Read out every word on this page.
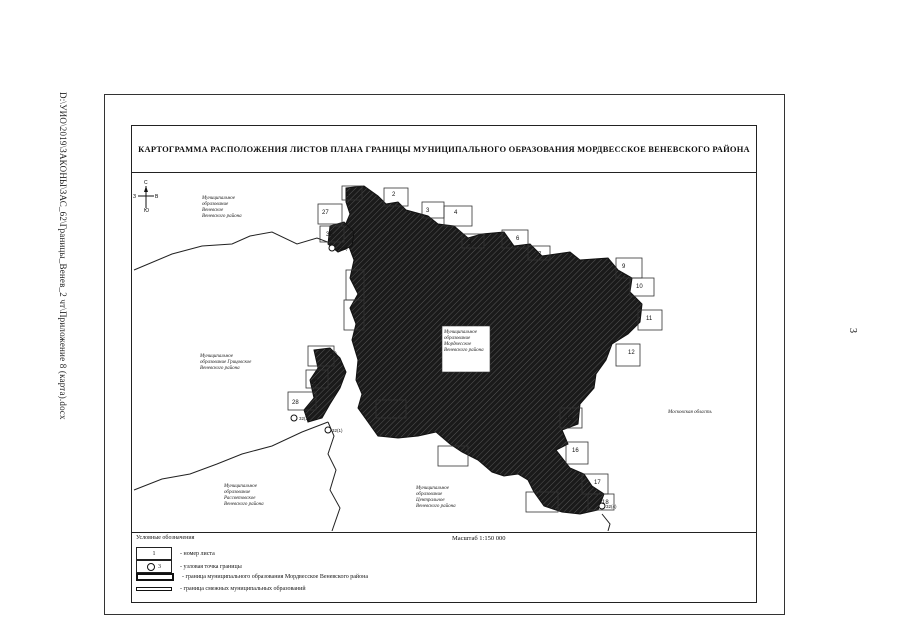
D:\УИО\2019\ЗАКОНЫ\ЗАС_62\Границы_Венев_2 чт\Приложение 8 (карта).docx	3
КАРТОГРАММА РАСПОЛОЖЕНИЯ ЛИСТОВ ПЛАНА ГРАНИЦЫ МУНИЦИПАЛЬНОГО ОБРАЗОВАНИЯ МОРДВЕССКОЕ ВЕНЕВСКОГО РАЙОНА
С
Ю
З	В	1	2
3	4
5
6
7
9
10
11
12
15
16
17
18
27
28
29
30
36
30(2)
32(3)
32(1)
32(4)
Муниципальное образование Мордвесское Веневского района
Муниципальное образование Веневское Веневского района
Муниципальное образование Грицовское Веневского района
Муниципальное образование Рассветовское Веневского района
Муниципальное образование Центральное Веневского района
Московская область
Условные обозначения	Масштаб 1:150 000
1	- номер листа
3	- узловая точка границы
- граница муниципального образования Мордвесское Веневского района
- граница смежных муниципальных образований
